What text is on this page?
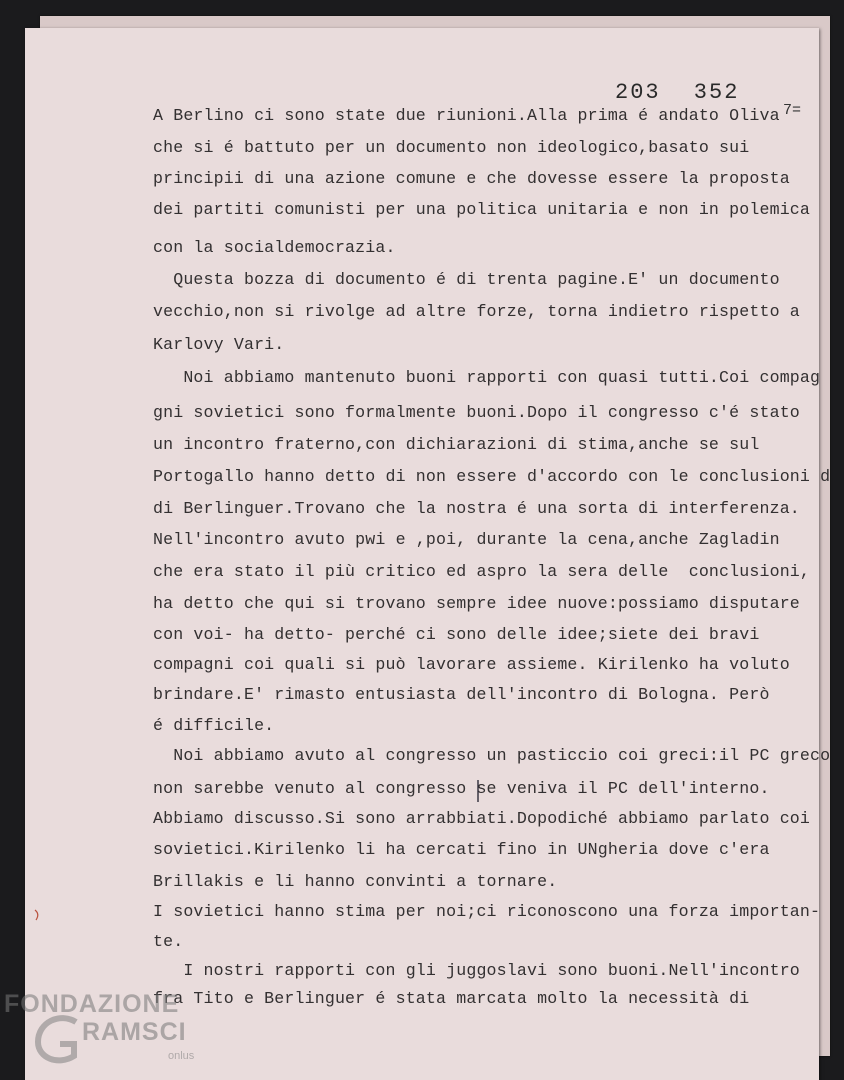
203 352
7=
A Berlino ci sono state due riunioni.Alla prima é andato Oliva
che si é battuto per un documento non ideologico,basato sui
principii di una azione comune e che dovesse essere la proposta
dei partiti comunisti per una politica unitaria e non in polemica
con la socialdemocrazia.
Questa bozza di documento é di trenta pagine.E' un documento
vecchio,non si rivolge ad altre forze, torna indietro rispetto a
Karlovy Vari.
Noi abbiamo mantenuto buoni rapporti con quasi tutti.Coi compag
gni sovietici sono formalmente buoni.Dopo il congresso c'é stato
un incontro fraterno,con dichiarazioni di stima,anche se sul
Portogallo hanno detto di non essere d'accordo con le conclusioni d
di Berlinguer.Trovano che la nostra é una sorta di interferenza.
Nell'incontro avuto pwi e ,poi, durante la cena,anche Zagladin
che era stato il più critico ed aspro la sera delle  conclusioni,
ha detto che qui si trovano sempre idee nuove:possiamo disputare
con voi- ha detto- perché ci sono delle idee;siete dei bravi
compagni coi quali si può lavorare assieme. Kirilenko ha voluto
brindare.E' rimasto entusiasta dell'incontro di Bologna. Però
é difficile.
Noi abbiamo avuto al congresso un pasticcio coi greci:il PC greco
non sarebbe venuto al congresso se veniva il PC dell'interno.
Abbiamo discusso.Si sono arrabbiati.Dopodiché abbiamo parlato coi
sovietici.Kirilenko li ha cercati fino in UNgheria dove c'era
Brillakis e li hanno convinti a tornare.
I sovietici hanno stima per noi;ci riconoscono una forza importan-
te.
I nostri rapporti con gli juggoslavi sono buoni.Nell'incontro
fra Tito e Berlinguer é stata marcata molto la necessità di
FONDAZIONE
RAMSCI
onlus
